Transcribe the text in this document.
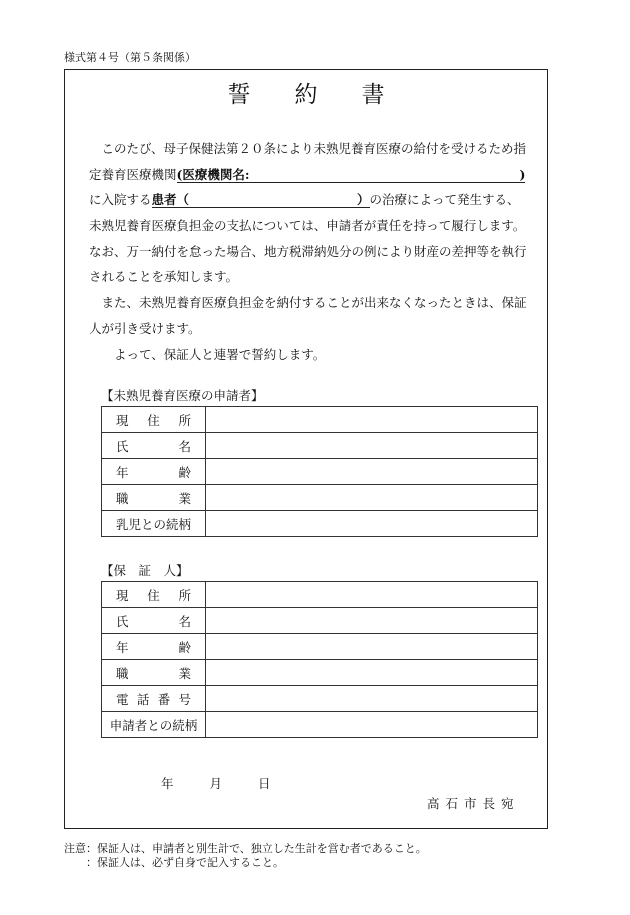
様式第４号（第５条関係）
誓 約 書
このたび、母子保健法第２０条により未熟児養育医療の給付を受けるため指
定養育医療機関(医療機関名:	)
に入院する患者（	）の治療によって発生する、
未熟児養育医療負担金の支払については、申請者が責任を持って履行します。
なお、万一納付を怠った場合、地方税滞納処分の例により財産の差押等を執行
されることを承知します。
また、未熟児養育医療負担金を納付することが出来なくなったときは、保証
人が引き受けます。
よって、保証人と連署で誓約します。
【未熟児養育医療の申請者】
現住所	
氏名	
年齢	
職業	
乳児との続柄	
【保　証　人】
現住所	
氏名	
年齢	
職業	
電話番号	
申請者との続柄	
年	月	日
高石市長宛
注意：保証人は、申請者と別生計で、独立した生計を営む者であること。
　　：保証人は、必ず自身で記入すること。
